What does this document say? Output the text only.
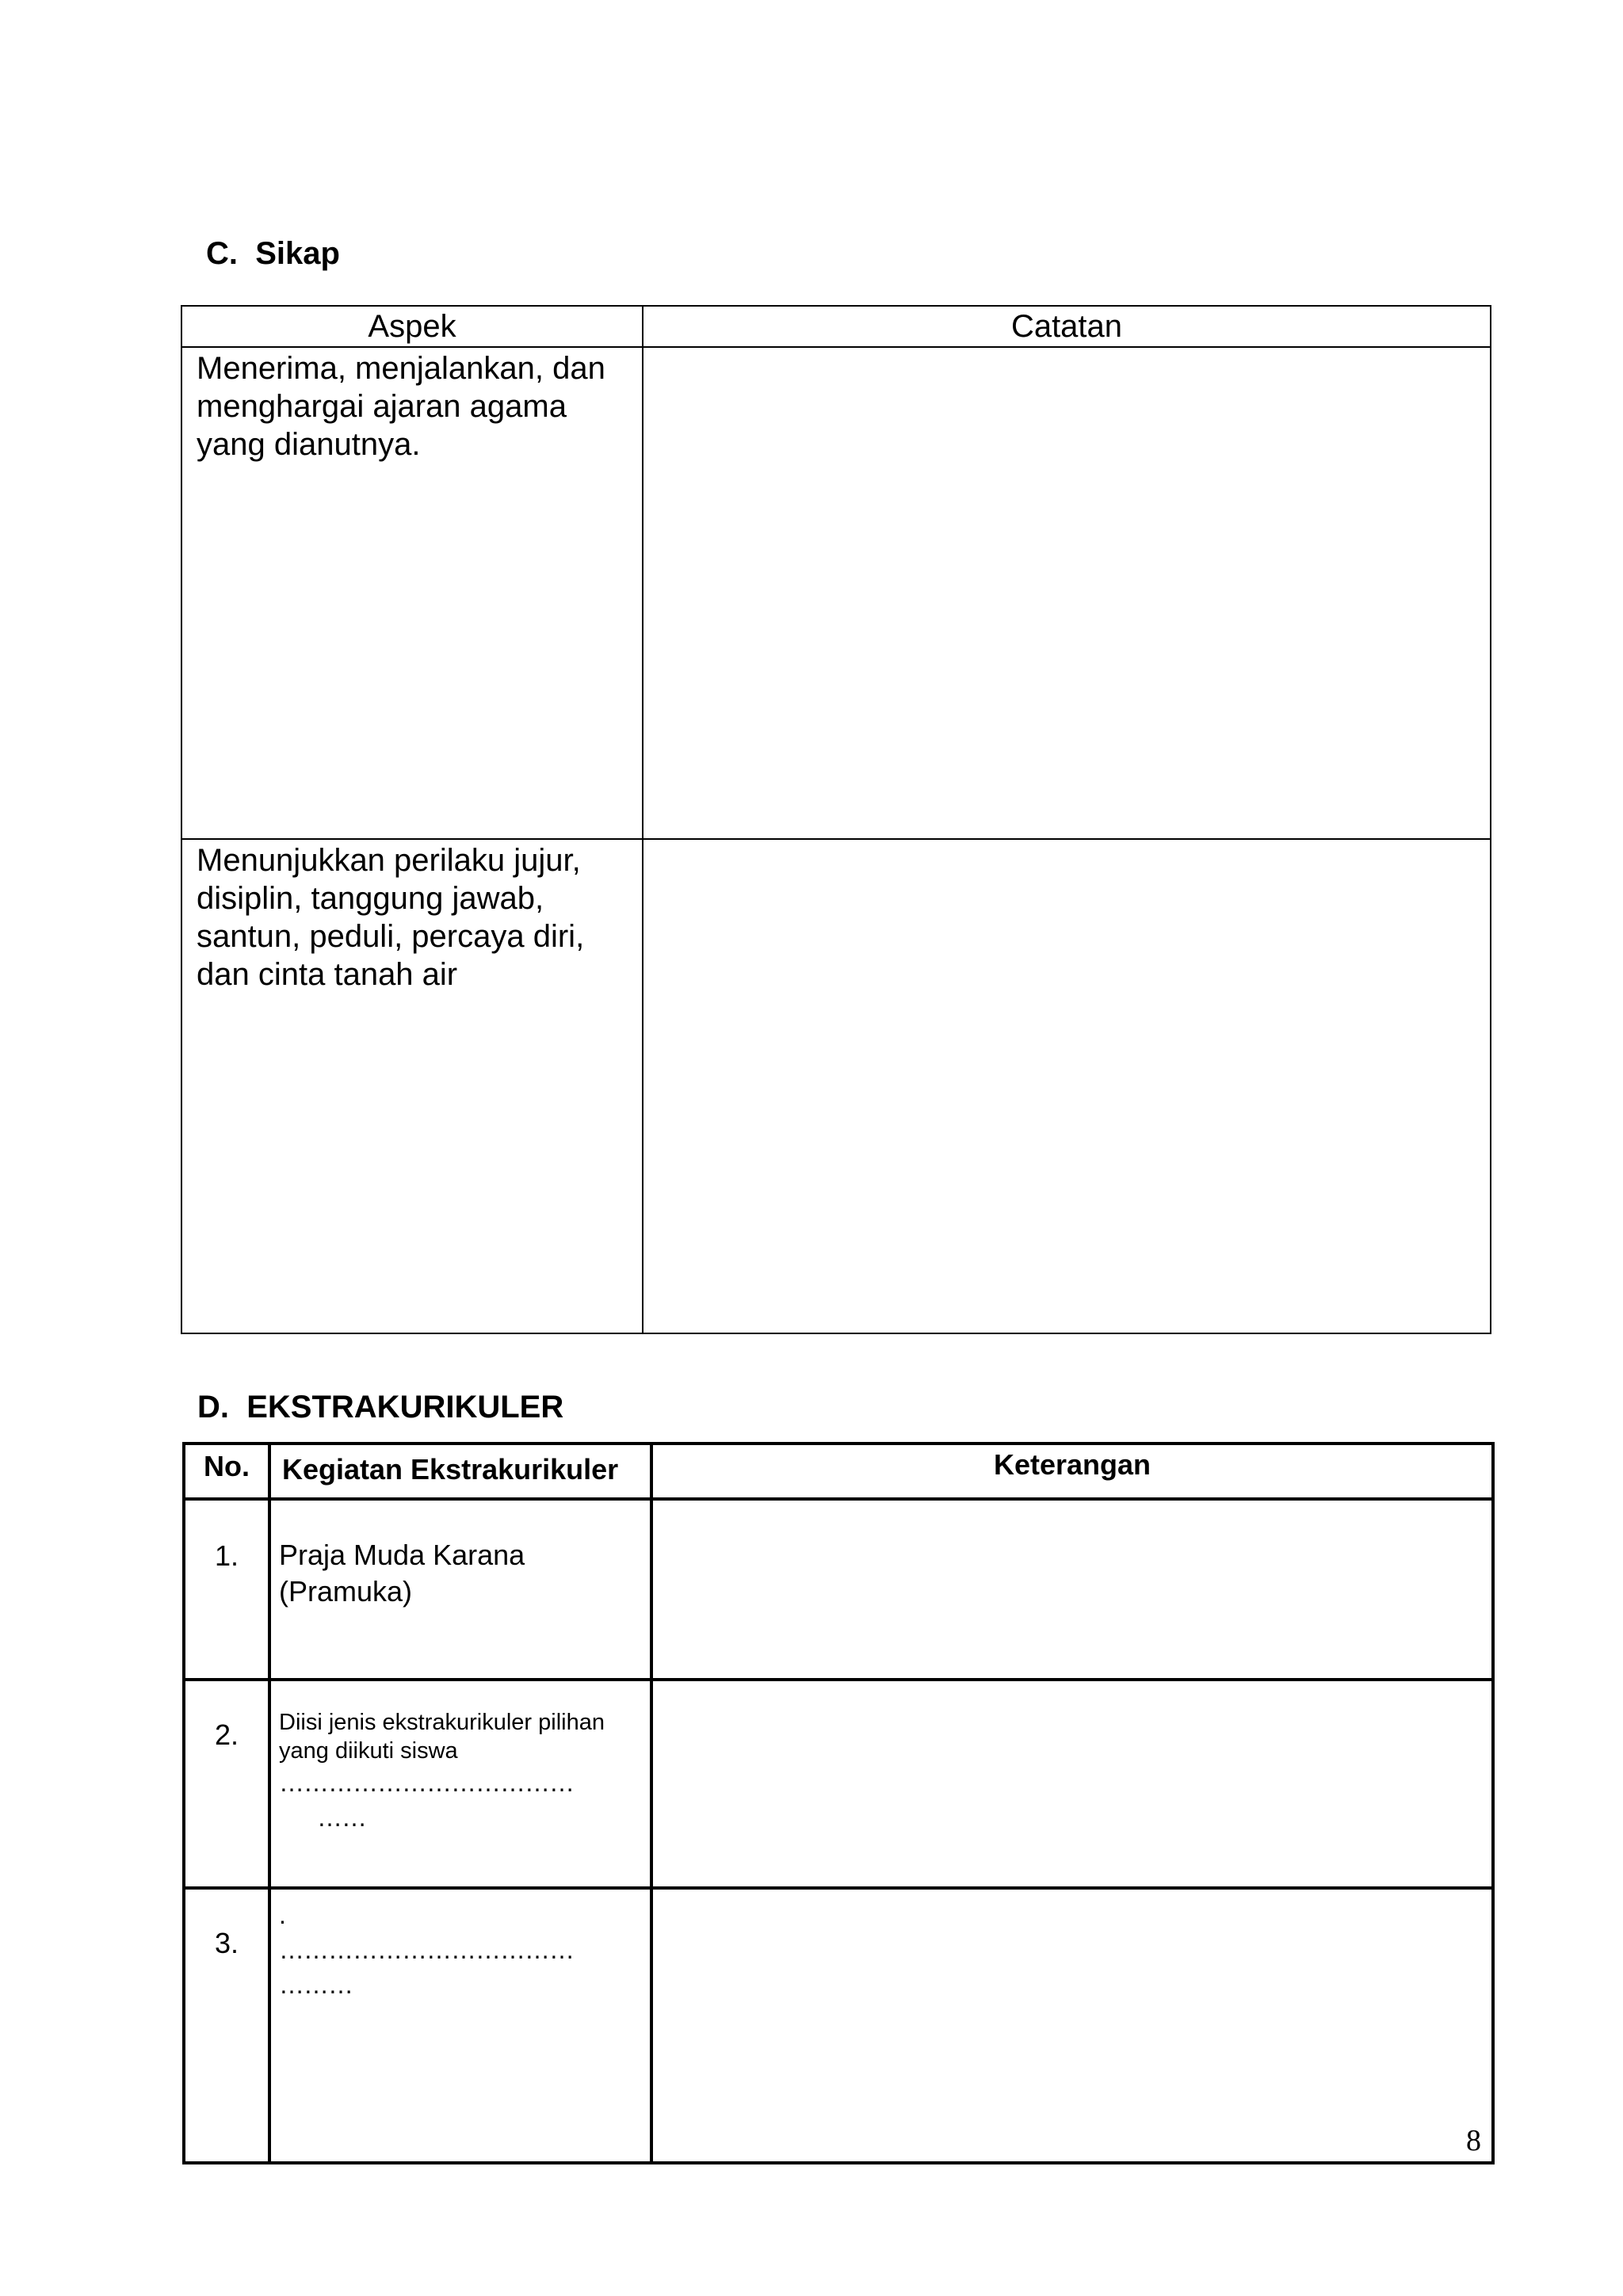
C.  Sikap
Aspek	Catatan
Menerima, menjalankan, dan menghargai ajaran agama yang dianutnya.	
Menunjukkan perilaku jujur, disiplin, tanggung jawab, santun, peduli, percaya diri, dan cinta tanah air	
D.  EKSTRAKURIKULER
No.	Kegiatan Ekstrakurikuler	Keterangan
1.	Praja Muda Karana (Pramuka)	

2.	Diisi jenis ekstrakurikuler pilihan yang diikuti siswa
………………………………
……	

3.	.
………………………………
………	

8
